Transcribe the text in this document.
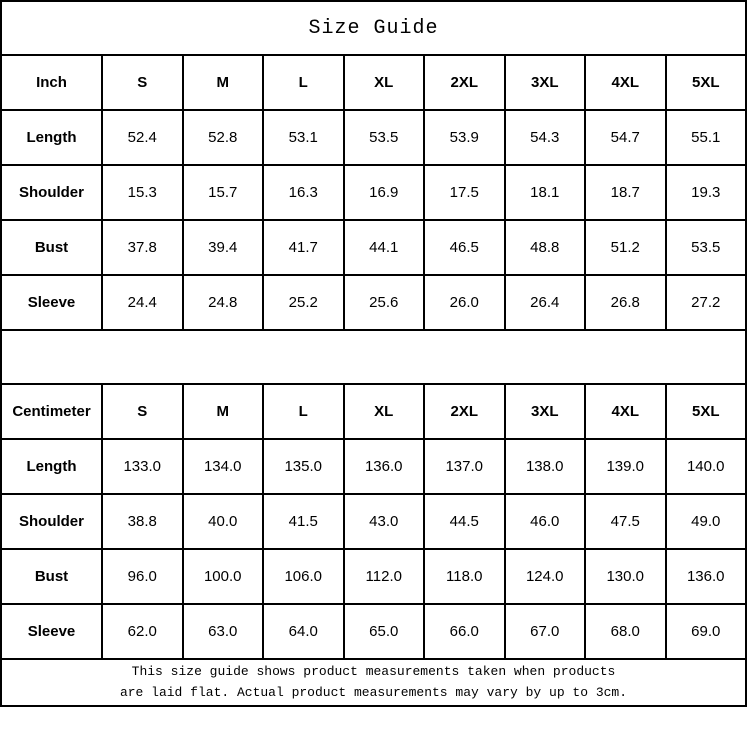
Size Guide								
Inch	S	M	L	XL	2XL	3XL	4XL	5XL
Length	52.4	52.8	53.1	53.5	53.9	54.3	54.7	55.1
Shoulder	15.3	15.7	16.3	16.9	17.5	18.1	18.7	19.3
Bust	37.8	39.4	41.7	44.1	46.5	48.8	51.2	53.5
Sleeve	24.4	24.8	25.2	25.6	26.0	26.4	26.8	27.2

Centimeter	S	M	L	XL	2XL	3XL	4XL	5XL
Length	133.0	134.0	135.0	136.0	137.0	138.0	139.0	140.0
Shoulder	38.8	40.0	41.5	43.0	44.5	46.0	47.5	49.0
Bust	96.0	100.0	106.0	112.0	118.0	124.0	130.0	136.0
Sleeve	62.0	63.0	64.0	65.0	66.0	67.0	68.0	69.0

This size guide shows product measurements taken when products
are laid flat. Actual product measurements may vary by up to 3cm.								
